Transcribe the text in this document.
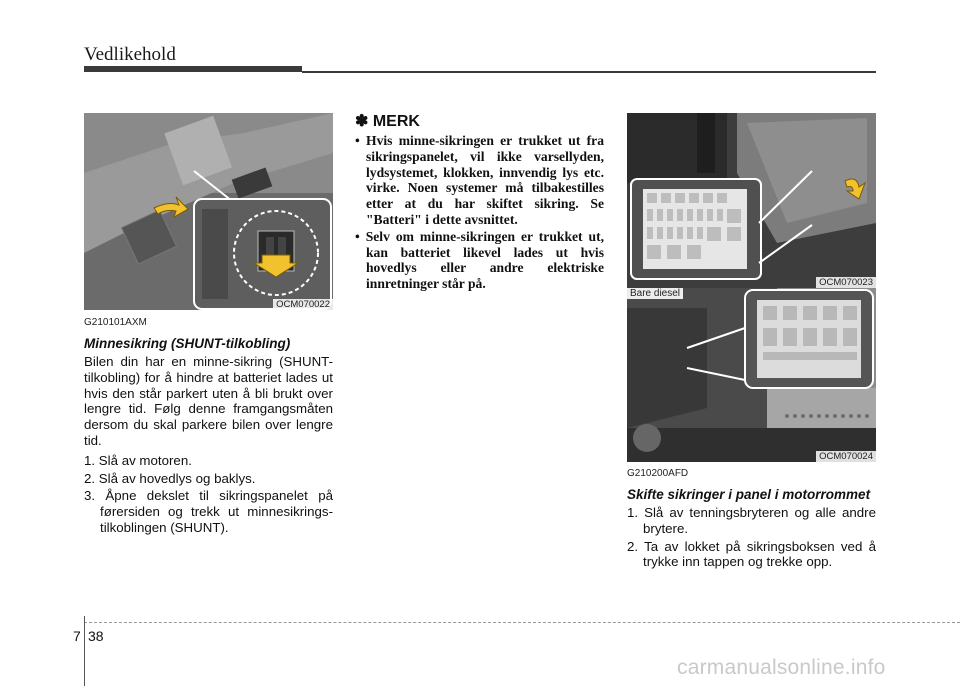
Vedlikehold
OCM070022
G210101AXM
Minnesikring (SHUNT-tilkobling)

Bilen din har en minne-sikring (SHUNT-tilkobling) for å hindre at batteriet lades ut hvis den står parkert uten å bli brukt over lengre tid. Følg denne framgangsmåten dersom du skal parkere bilen over lengre tid.

1. Slå av motoren.
2. Slå av hovedlys og baklys.
3. Åpne dekslet til sikringspanelet på førersiden og trekk ut minnesikrings-tilkoblingen (SHUNT).
✽ MERK
• Hvis minne-sikringen er trukket ut fra sikringspanelet, vil ikke varsellyden, lydsystemet, klokken, innvendig lys etc. virke. Noen systemer må tilbakestilles etter at du har skiftet sikring. Se "Batteri" i dette avsnittet.
• Selv om minne-sikringen er trukket ut, kan batteriet likevel lades ut hvis hovedlys eller andre elektriske innretninger står på.	OCM070023
Bare diesel
OCM070024
G210200AFD
Skifte sikringer i panel i motorrommet
1. Slå av tenningsbryteren og alle andre brytere.
2. Ta av lokket på sikringsboksen ved å trykke inn tappen og trekke opp.
7 38
carmanualsonline.info
